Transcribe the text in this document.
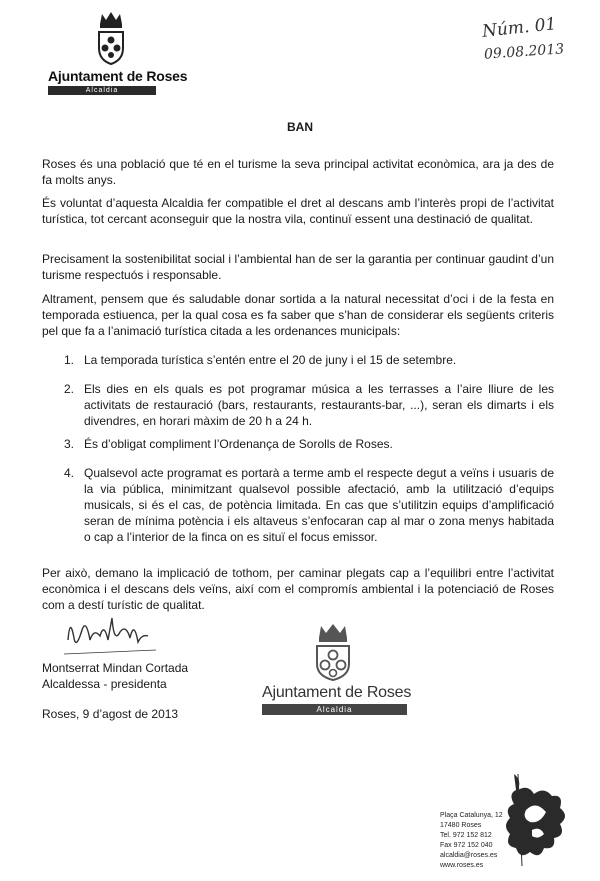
Ajuntament de Roses
Alcaldia
Núm. 01
09.08.2013
BAN
Roses és una població que té en el turisme la seva principal activitat econòmica, ara ja des de fa molts anys.
És voluntat d’aquesta Alcaldia fer compatible el dret al descans amb l’interès propi de l’activitat turística, tot cercant aconseguir que la nostra vila, continuï essent una destinació de qualitat.
Precisament la sostenibilitat social i l’ambiental han de ser la garantia per continuar gaudint d’un turisme respectuós i responsable.
Altrament, pensem que és saludable donar sortida a la natural necessitat d’oci i de la festa en temporada estiuenca, per la qual cosa es fa saber que s’han de considerar els següents criteris pel que fa a l’animació turística citada a les ordenances municipals:
1. La temporada turística s’entén entre el 20 de juny i el 15 de setembre.
2. Els dies en els quals es pot programar música a les terrasses a l’aire lliure de les activitats de restauració (bars, restaurants, restaurants-bar, ...), seran els dimarts i els divendres, en horari màxim de 20 h a 24 h.
3. És d’obligat compliment l’Ordenança de Sorolls de Roses.
4. Qualsevol acte programat es portarà a terme amb el respecte degut a veïns i usuaris de la via pública, minimitzant qualsevol possible afectació, amb la utilització d’equips musicals, si és el cas, de potència limitada. En cas que s’utilitzin equips d’amplificació seran de mínima potència i els altaveus s’enfocaran cap al mar o zona menys habitada o cap a l’interior de la finca on es situï el focus emissor.
Per això, demano la implicació de tothom, per caminar plegats cap a l’equilibri entre l’activitat econòmica i el descans dels veïns, així com el compromís ambiental i la potenciació de Roses com a destí turístic de qualitat.
Montserrat Mindan Cortada
Alcaldessa - presidenta
Roses, 9 d’agost de 2013
Ajuntament de Roses
Alcaldia
Plaça Catalunya, 12
17480 Roses
Tel. 972 152 812
Fax 972 152 040
alcaldia@roses.es
www.roses.es
